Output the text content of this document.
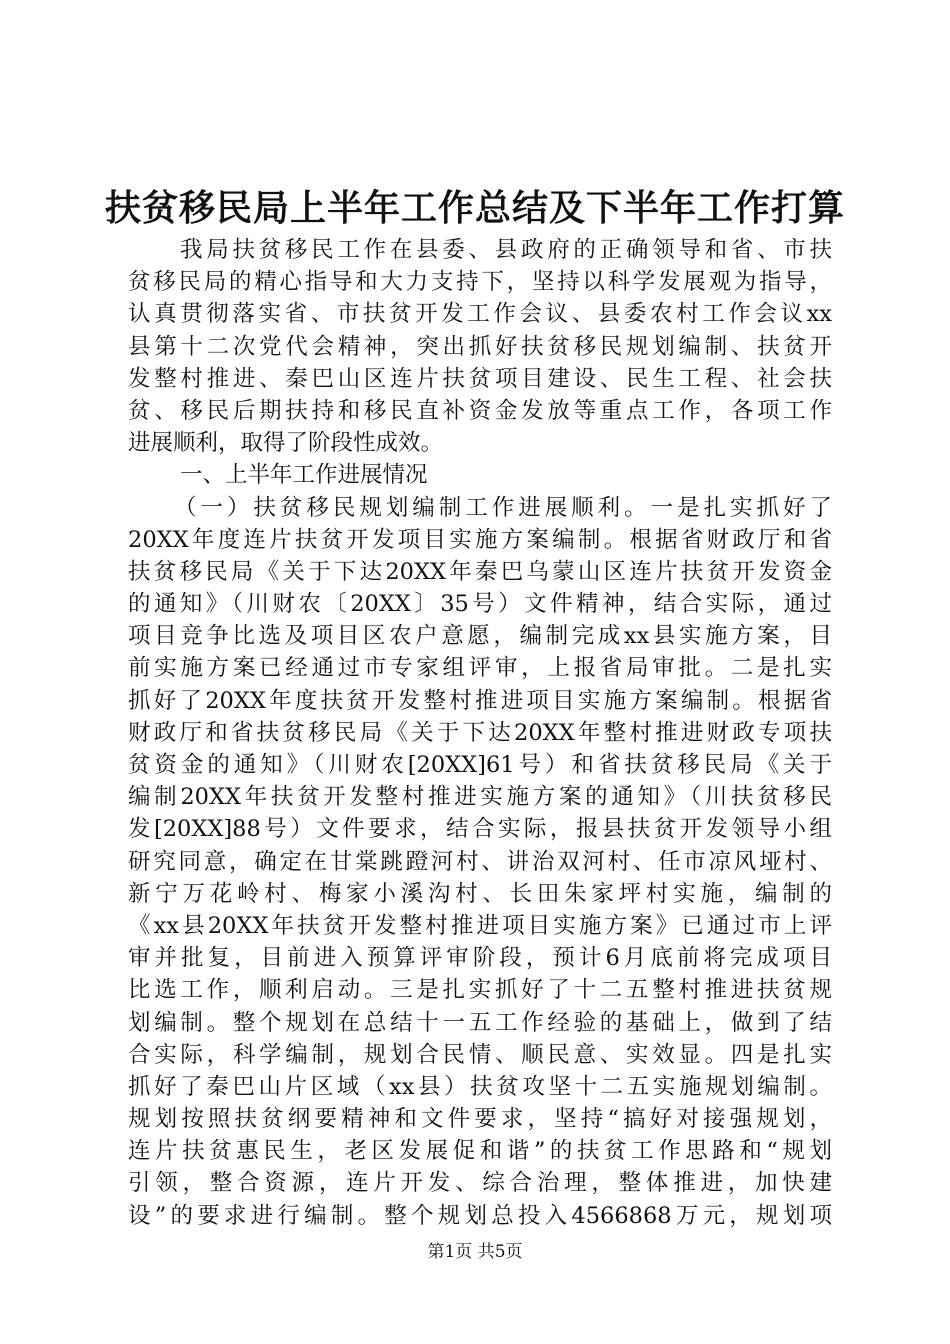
扶贫移民局上半年工作总结及下半年工作打算
我局扶贫移民工作在县委、县政府的正确领导和省、市扶
贫移民局的精心指导和大力支持下，坚持以科学发展观为指导，
认真贯彻落实省、市扶贫开发工作会议、县委农村工作会议xx
县第十二次党代会精神，突出抓好扶贫移民规划编制、扶贫开
发整村推进、秦巴山区连片扶贫项目建设、民生工程、社会扶
贫、移民后期扶持和移民直补资金发放等重点工作，各项工作
进展顺利，取得了阶段性成效。
一、上半年工作进展情况
（一）扶贫移民规划编制工作进展顺利。一是扎实抓好了
20XX年度连片扶贫开发项目实施方案编制。根据省财政厅和省
扶贫移民局《关于下达20XX年秦巴乌蒙山区连片扶贫开发资金
的通知》（川财农〔20XX〕35号）文件精神，结合实际，通过
项目竞争比选及项目区农户意愿，编制完成xx县实施方案，目
前实施方案已经通过市专家组评审，上报省局审批。二是扎实
抓好了20XX年度扶贫开发整村推进项目实施方案编制。根据省
财政厅和省扶贫移民局《关于下达20XX年整村推进财政专项扶
贫资金的通知》（川财农[20XX]61号）和省扶贫移民局《关于
编制20XX年扶贫开发整村推进实施方案的通知》（川扶贫移民
发[20XX]88号）文件要求，结合实际，报县扶贫开发领导小组
研究同意，确定在甘棠跳蹬河村、讲治双河村、任市凉风垭村、
新宁万花岭村、梅家小溪沟村、长田朱家坪村实施，编制的
《xx县20XX年扶贫开发整村推进项目实施方案》已通过市上评
审并批复，目前进入预算评审阶段，预计6月底前将完成项目
比选工作，顺利启动。三是扎实抓好了十二五整村推进扶贫规
划编制。整个规划在总结十一五工作经验的基础上，做到了结
合实际，科学编制，规划合民情、顺民意、实效显。四是扎实
抓好了秦巴山片区域（xx县）扶贫攻坚十二五实施规划编制。
规划按照扶贫纲要精神和文件要求，坚持“搞好对接强规划，
连片扶贫惠民生，老区发展促和谐”的扶贫工作思路和“规划
引领，整合资源，连片开发、综合治理，整体推进，加快建
设”的要求进行编制。整个规划总投入4566868万元，规划项

第1页 共5页
